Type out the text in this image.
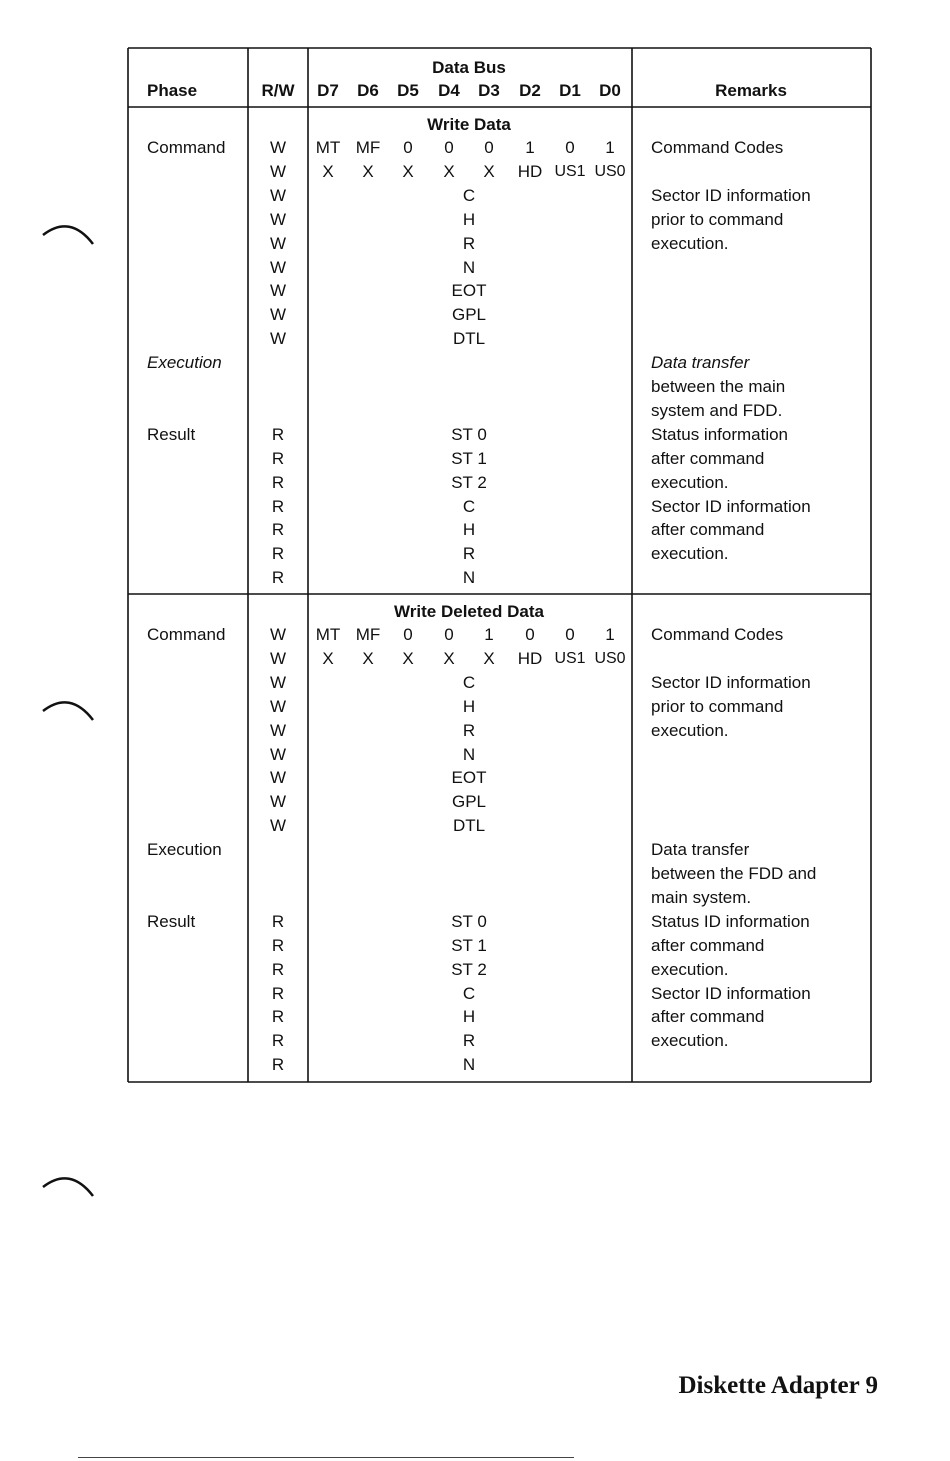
Phase	R/W
Data Bus
D7 D6 D5 D4 D3 D2 D1 D0	Remarks
Write Data
Command
Execution
Result
W
W
W
W
W
W
W
W
W
R
R
R
R
R
R
R
MT MF 0 0 0 1 0 1
X X X X X HD US1 US0
C
H
R
N
EOT
GPL
DTL
ST 0
ST 1
ST 2
C
H
R
N
Command Codes
Sector ID information
prior to command
execution.
Data transfer
between the main
system and FDD.
Status information
after command
execution.
Sector ID information
after command
execution.
Write Deleted Data
Command
Execution
Result
W
W
W
W
W
W
W
W
W
R
R
R
R
R
R
R
MT MF 0 0 1 0 0 1
X X X X X HD US1 US0
C
H
R
N
EOT
GPL
DTL
ST 0
ST 1
ST 2
C
H
R
N
Command Codes
Sector ID information
prior to command
execution.
Data transfer
between the FDD and
main system.
Status ID information
after command
execution.
Sector ID information
after command
execution.
Diskette Adapter 9
